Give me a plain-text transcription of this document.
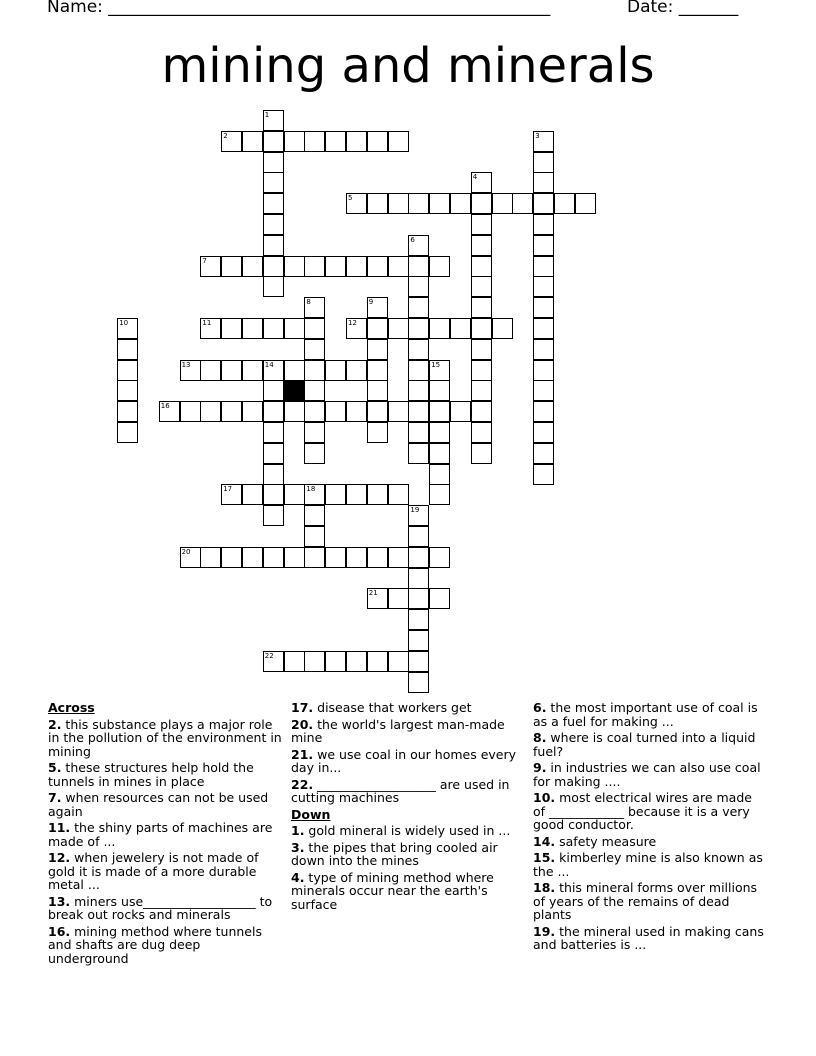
Name: ____________________________________________________	Date: _______
mining and minerals
1
2	3
4
5
6
7
8	9
10	11	12
13	14	15
16
17	18
19
20
21
22
Across
2. this substance plays a major role in the pollution of the environment in mining
5. these structures help hold the tunnels in mines in place
7. when resources can not be used again
11. the shiny parts of machines are made of ...
12. when jewelery is not made of gold it is made of a more durable metal ...
13. miners use__________________ to break out rocks and minerals
16. mining method where tunnels and shafts are dug deep underground
17. disease that workers get
20. the world's largest man-made mine
21. we use coal in our homes every day in...
22. ___________________ are used in cutting machines
Down
1. gold mineral is widely used in ...
3. the pipes that bring cooled air down into the mines
4. type of mining method where minerals occur near the earth's surface
6. the most important use of coal is as a fuel for making ...
8. where is coal turned into a liquid fuel?
9. in industries we can also use coal for making ....
10. most electrical wires are made of ____________ because it is a very good conductor.
14. safety measure
15. kimberley mine is also known as the ...
18. this mineral forms over millions of years of the remains of dead plants
19. the mineral used in making cans and batteries is ...
